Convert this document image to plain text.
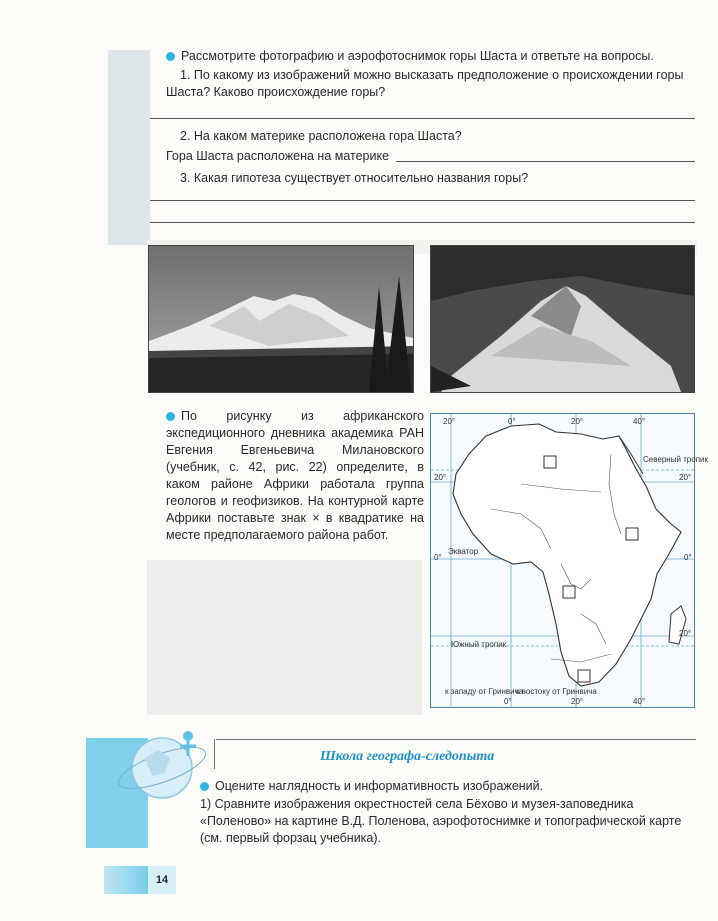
Рассмотрите фотографию и аэрофотоснимок горы Шаста и ответьте на вопросы.
1. По какому из изображений можно высказать предположение о происхождении горы Шаста? Каково происхождение горы?
2. На каком материке расположена гора Шаста?
Гора Шаста расположена на материке
3. Какая гипотеза существует относительно названия горы?
По рисунку из африканского экспедиционного дневника академика РАН Евгения Евгеньевича Милановского (учебник, с. 42, рис. 22) определите, в каком районе Африки работала группа геологов и геофизиков. На контурной карте Африки поставьте знак × в квадратике на месте предполагаемого района работ.
20°	0°	20°	40°
20°	20°
Северный тропик
Экватор
0°	0°
Южный тропик
20°
к западу от Гринвича
0°
к востоку от Гринвича
20°	40°
Школа географа-следопыта
Оцените наглядность и информативность изображений.
1) Сравните изображения окрестностей села Бёхово и музея-заповедника «Поленово» на картине В.Д. Поленова, аэрофотоснимке и топографической карте (см. первый форзац учебника).
14
